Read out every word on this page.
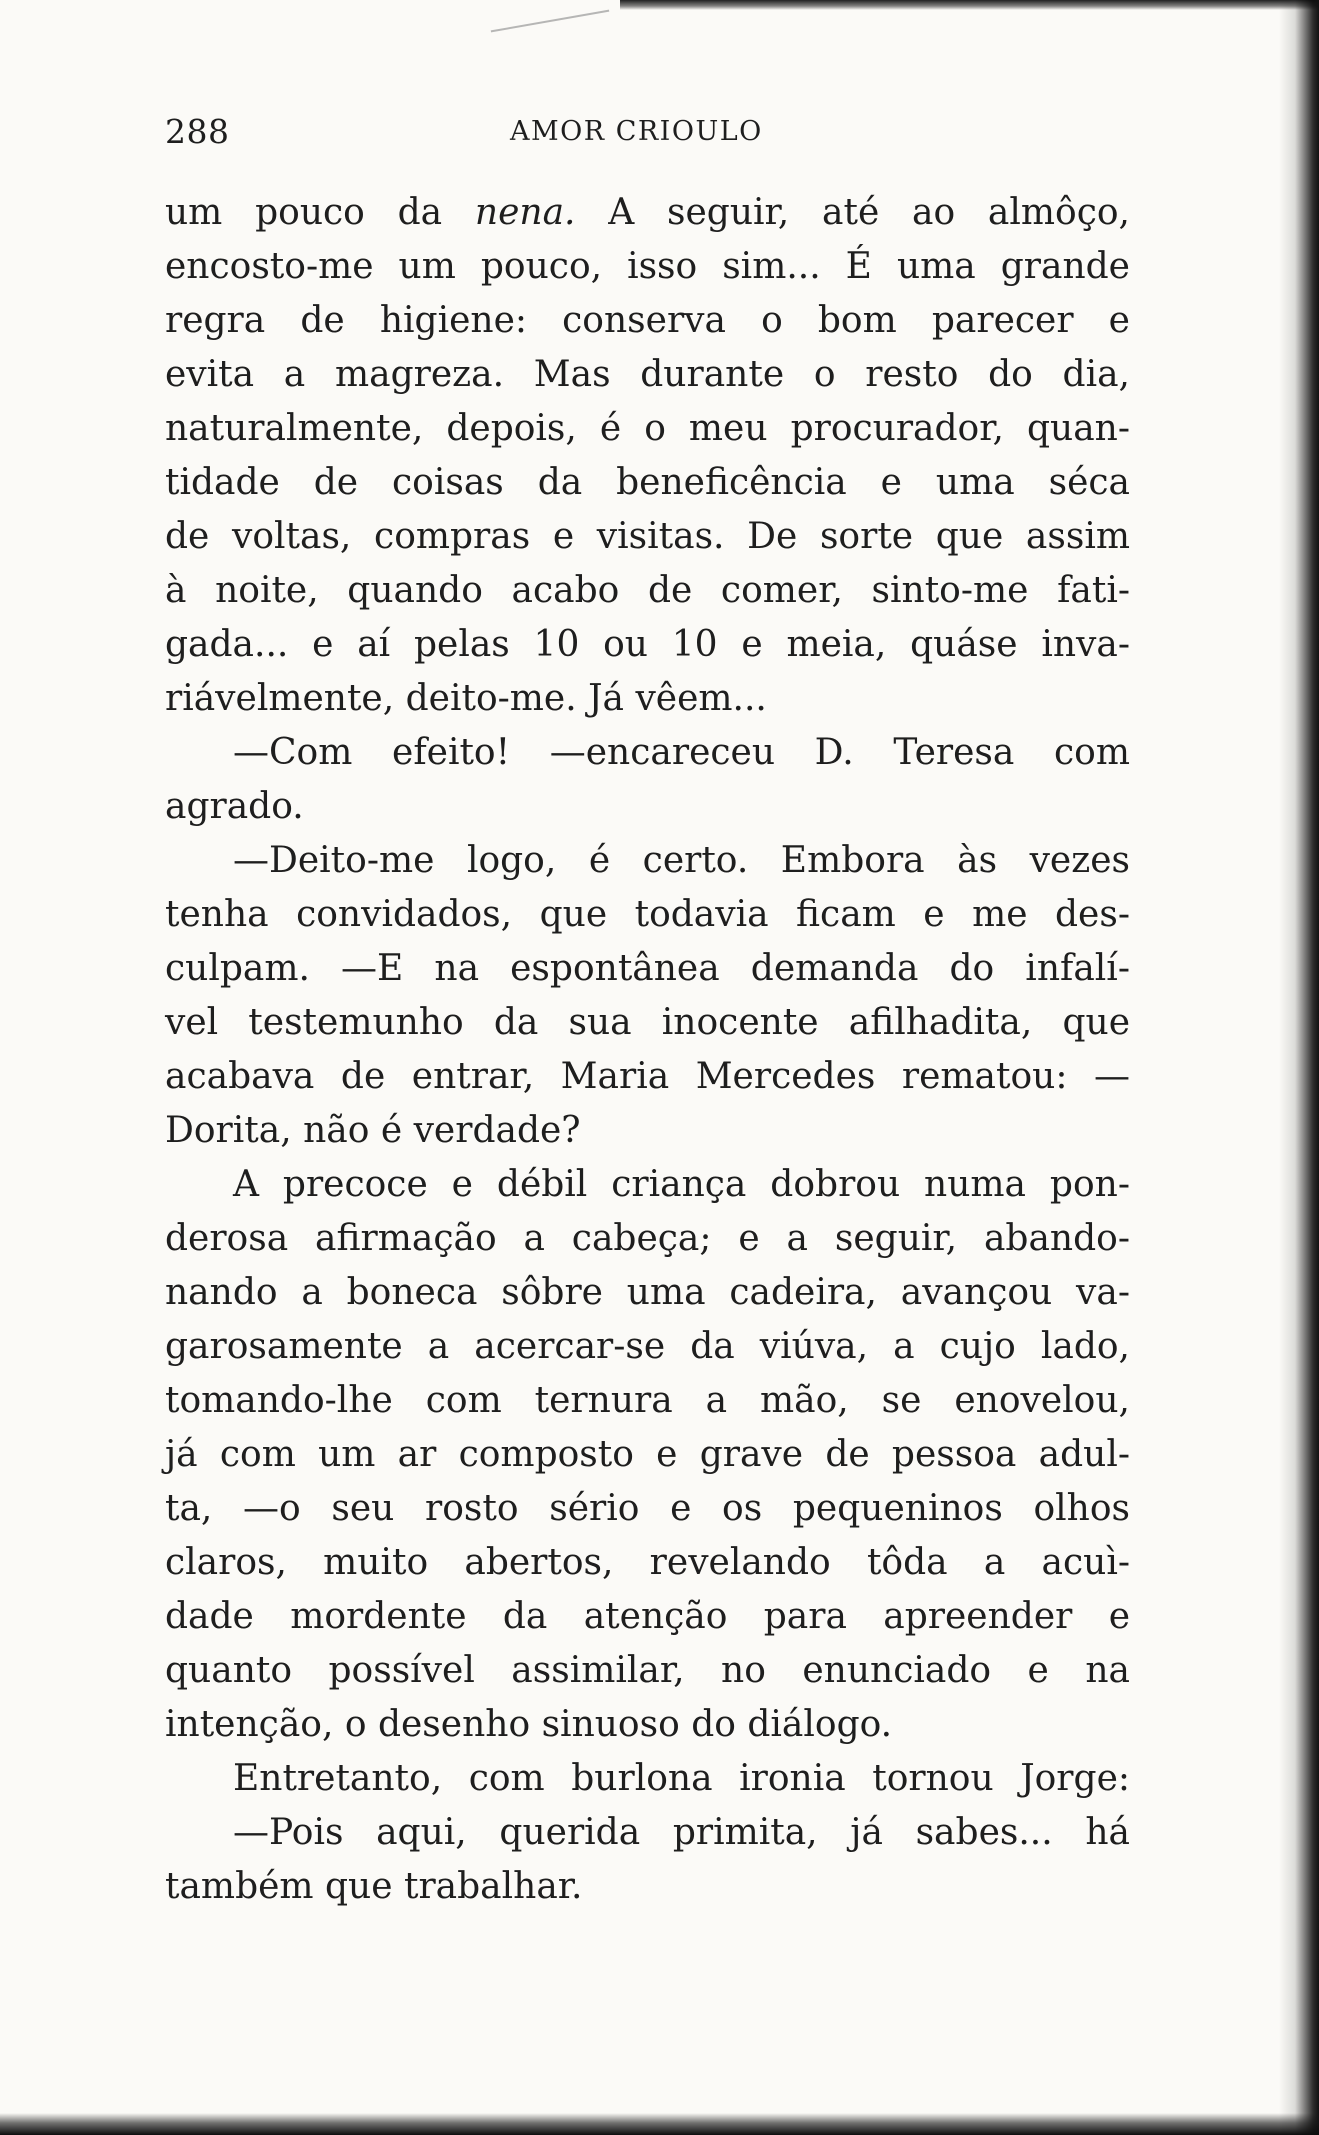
288	AMOR CRIOULO
um pouco da nena. A seguir, até ao almôço,
encosto-me um pouco, isso sim... É uma grande
regra de higiene: conserva o bom parecer e
evita a magreza. Mas durante o resto do dia,
naturalmente, depois, é o meu procurador, quan-
tidade de coisas da beneficência e uma séca
de voltas, compras e visitas. De sorte que assim
à noite, quando acabo de comer, sinto-me fati-
gada... e aí pelas 10 ou 10 e meia, quáse inva-
riávelmente, deito-me. Já vêem...
—Com efeito! —encareceu D. Teresa com
agrado.
—Deito-me logo, é certo. Embora às vezes
tenha convidados, que todavia ficam e me des-
culpam. —E na espontânea demanda do infalí-
vel testemunho da sua inocente afilhadita, que
acabava de entrar, Maria Mercedes rematou: —
Dorita, não é verdade?
A precoce e débil criança dobrou numa pon-
derosa afirmação a cabeça; e a seguir, abando-
nando a boneca sôbre uma cadeira, avançou va-
garosamente a acercar-se da viúva, a cujo lado,
tomando-lhe com ternura a mão, se enovelou,
já com um ar composto e grave de pessoa adul-
ta, —o seu rosto sério e os pequeninos olhos
claros, muito abertos, revelando tôda a acuì-
dade mordente da atenção para apreender e
quanto possível assimilar, no enunciado e na
intenção, o desenho sinuoso do diálogo.
Entretanto, com burlona ironia tornou Jorge:
—Pois aqui, querida primita, já sabes... há
também que trabalhar.
